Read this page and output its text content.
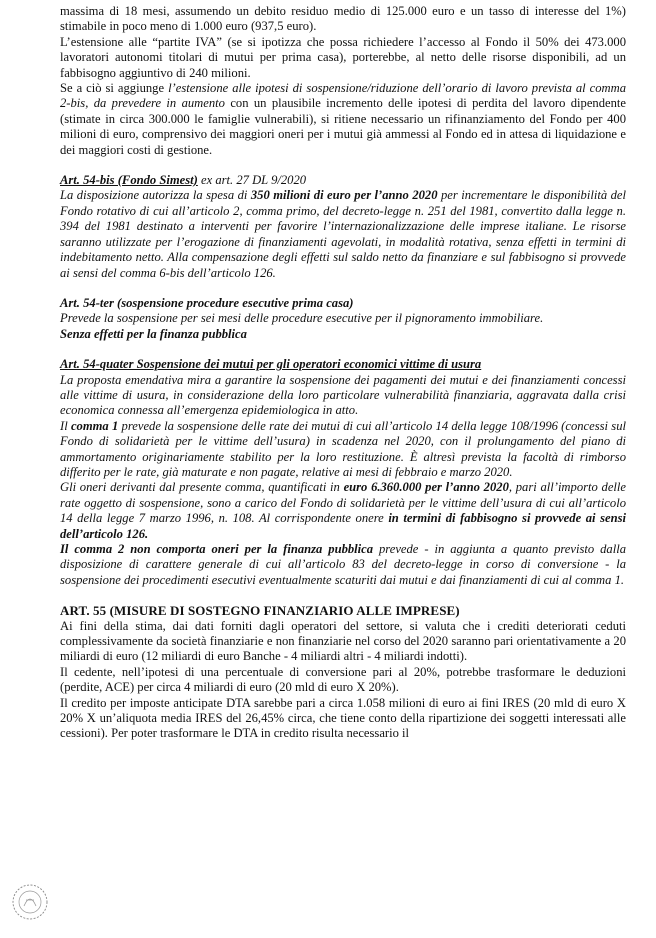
massima di 18 mesi, assumendo un debito residuo medio di 125.000 euro e un tasso di interesse del 1%) stimabile in poco meno di 1.000 euro (937,5 euro).

L’estensione alle “partite IVA” (se si ipotizza che possa richiedere l’accesso al Fondo il 50% dei 473.000 lavoratori autonomi titolari di mutui per prima casa), porterebbe, al netto delle risorse disponibili, ad un fabbisogno aggiuntivo di 240 milioni.

Se a ciò si aggiunge l’estensione alle ipotesi di sospensione/riduzione dell’orario di lavoro prevista al comma 2-bis, da prevedere in aumento con un plausibile incremento delle ipotesi di perdita del lavoro dipendente (stimate in circa 300.000 le famiglie vulnerabili), si ritiene necessario un rifinanziamento del Fondo per 400 milioni di euro, comprensivo dei maggiori oneri per i mutui già ammessi al Fondo ed in attesa di liquidazione e dei maggiori costi di gestione.

Art. 54-bis (Fondo Simest) ex art. 27 DL 9/2020

La disposizione autorizza la spesa di 350 milioni di euro per l’anno 2020 per incrementare le disponibilità del Fondo rotativo di cui all’articolo 2, comma primo, del decreto-legge n. 251 del 1981, convertito dalla legge n. 394 del 1981 destinato a interventi per favorire l’internazionalizzazione delle imprese italiane. Le risorse saranno utilizzate per l’erogazione di finanziamenti agevolati, in modalità rotativa, senza effetti in termini di indebitamento netto. Alla compensazione degli effetti sul saldo netto da finanziare e sul fabbisogno si provvede ai sensi del comma 6-bis dell’articolo 126.

Art. 54-ter (sospensione procedure esecutive prima casa)

Prevede la sospensione per sei mesi delle procedure esecutive per il pignoramento immobiliare.

Senza effetti per la finanza pubblica

Art. 54-quater Sospensione dei mutui per gli operatori economici vittime di usura

La proposta emendativa mira a garantire la sospensione dei pagamenti dei mutui e dei finanziamenti concessi alle vittime di usura, in considerazione della loro particolare vulnerabilità finanziaria, aggravata dalla crisi economica connessa all’emergenza epidemiologica in atto.

Il comma 1 prevede la sospensione delle rate dei mutui di cui all’articolo 14 della legge 108/1996 (concessi sul Fondo di solidarietà per le vittime dell’usura) in scadenza nel 2020, con il prolungamento del piano di ammortamento originariamente stabilito per la loro restituzione. È altresì prevista la facoltà di rimborso differito per le rate, già maturate e non pagate, relative ai mesi di febbraio e marzo 2020.

Gli oneri derivanti dal presente comma, quantificati in euro 6.360.000 per l’anno 2020, pari all’importo delle rate oggetto di sospensione, sono a carico del Fondo di solidarietà per le vittime dell’usura di cui all’articolo 14 della legge 7 marzo 1996, n. 108. Al corrispondente onere in termini di fabbisogno si provvede ai sensi dell’articolo 126.

Il comma 2 non comporta oneri per la finanza pubblica prevede - in aggiunta a quanto previsto dalla disposizione di carattere generale di cui all’articolo 83 del decreto-legge in corso di conversione - la sospensione dei procedimenti esecutivi eventualmente scaturiti dai mutui e dai finanziamenti di cui al comma 1.

ART. 55 (MISURE DI SOSTEGNO FINANZIARIO ALLE IMPRESE)

Ai fini della stima, dai dati forniti dagli operatori del settore, si valuta che i crediti deteriorati ceduti complessivamente da società finanziarie e non finanziarie nel corso del 2020 saranno pari orientativamente a 20 miliardi di euro (12 miliardi di euro Banche - 4 miliardi altri - 4 miliardi indotti).

Il cedente, nell’ipotesi di una percentuale di conversione pari al 20%, potrebbe trasformare le deduzioni (perdite, ACE) per circa 4 miliardi di euro (20 mld di euro X 20%).

Il credito per imposte anticipate DTA sarebbe pari a circa 1.058 milioni di euro ai fini IRES (20 mld di euro X 20% X un’aliquota media IRES del 26,45% circa, che tiene conto della ripartizione dei soggetti interessati alle cessioni). Per poter trasformare le DTA in credito risulta necessario il
